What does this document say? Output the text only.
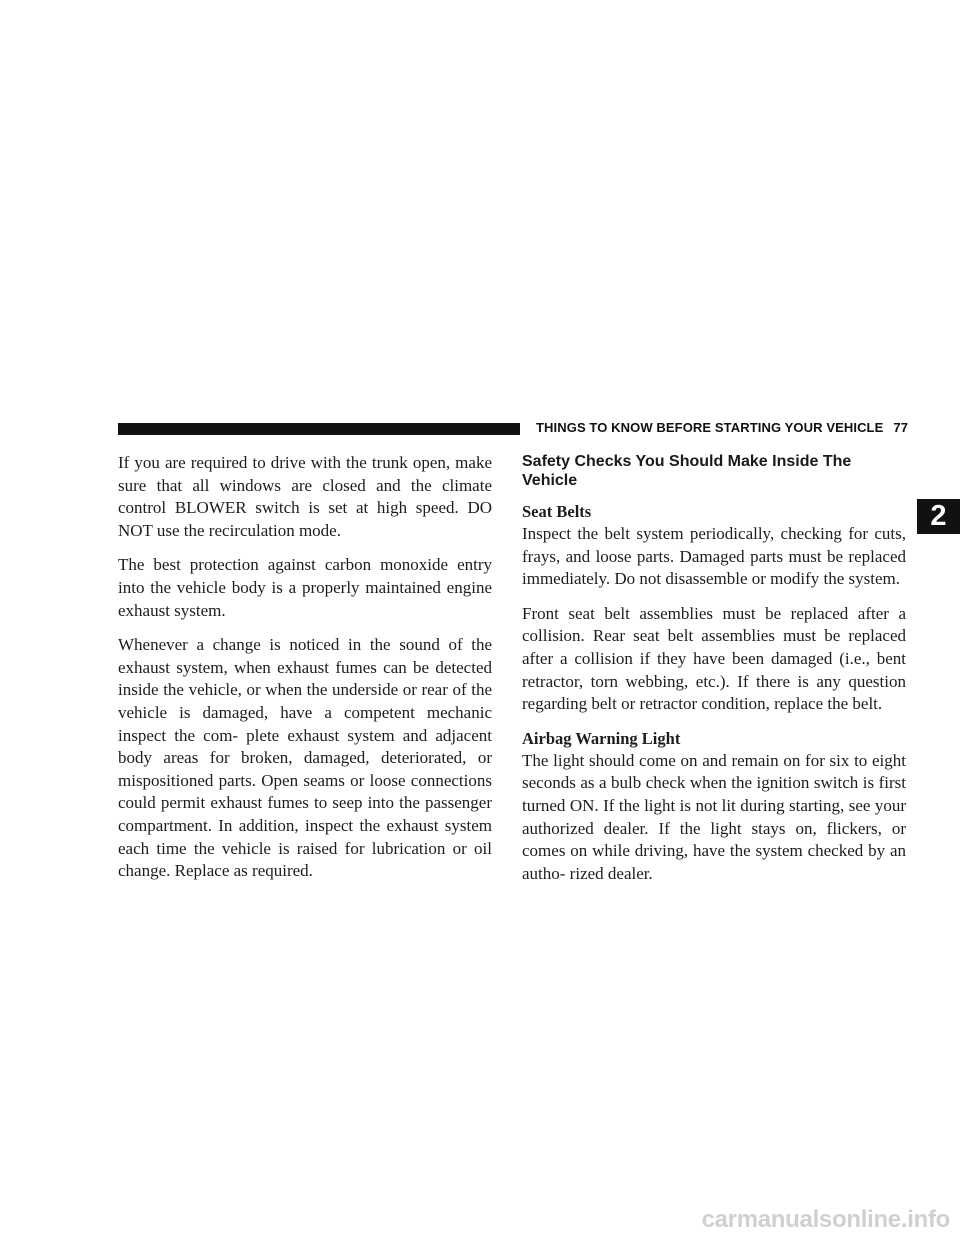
THINGS TO KNOW BEFORE STARTING YOUR VEHICLE 77
2

If you are required to drive with the trunk open, make sure that all windows are closed and the climate control BLOWER switch is set at high speed. DO NOT use the recirculation mode.

The best protection against carbon monoxide entry into the vehicle body is a properly maintained engine exhaust system.

Whenever a change is noticed in the sound of the exhaust system, when exhaust fumes can be detected inside the vehicle, or when the underside or rear of the vehicle is damaged, have a competent mechanic inspect the com- plete exhaust system and adjacent body areas for broken, damaged, deteriorated, or mispositioned parts. Open seams or loose connections could permit exhaust fumes to seep into the passenger compartment. In addition, inspect the exhaust system each time the vehicle is raised for lubrication or oil change. Replace as required.

Safety Checks You Should Make Inside The Vehicle
Seat Belts

Inspect the belt system periodically, checking for cuts, frays, and loose parts. Damaged parts must be replaced immediately. Do not disassemble or modify the system.

Front seat belt assemblies must be replaced after a collision. Rear seat belt assemblies must be replaced after a collision if they have been damaged (i.e., bent retractor, torn webbing, etc.). If there is any question regarding belt or retractor condition, replace the belt.

Airbag Warning Light

The light should come on and remain on for six to eight seconds as a bulb check when the ignition switch is first turned ON. If the light is not lit during starting, see your authorized dealer. If the light stays on, flickers, or comes on while driving, have the system checked by an autho- rized dealer.

carmanualsonline.info
